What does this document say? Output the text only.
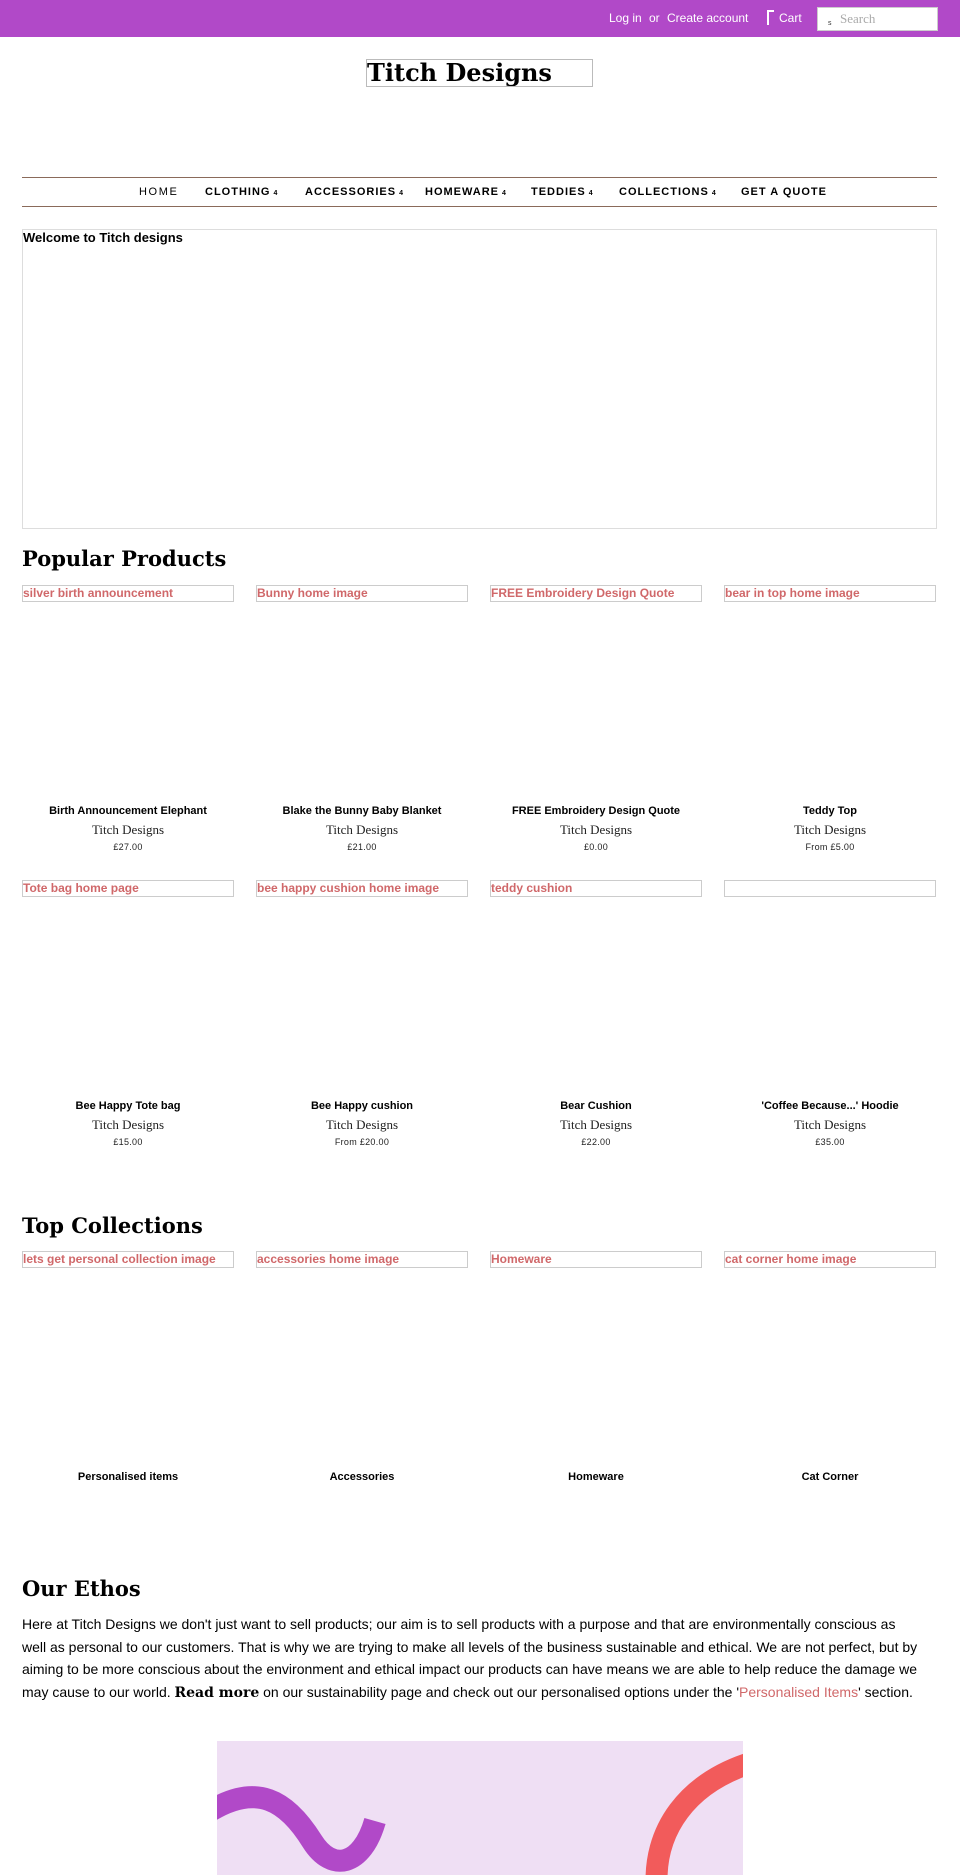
Log in or Create account	Cart	s
Search
Titch Designs
HOME CLOTHING 4 ACCESSORIES 4 HOMEWARE 4 TEDDIES 4 COLLECTIONS 4 GET A QUOTE
Welcome to Titch designs
Popular Products
silver birth announcement
Birth Announcement Elephant
Titch Designs
£27.00
Bunny home image
Blake the Bunny Baby Blanket
Titch Designs
£21.00
FREE Embroidery Design Quote
FREE Embroidery Design Quote
Titch Designs
£0.00
bear in top home image
Teddy Top
Titch Designs
From £5.00
Tote bag home page
Bee Happy Tote bag
Titch Designs
£15.00
bee happy cushion home image
Bee Happy cushion
Titch Designs
From £20.00
teddy cushion
Bear Cushion
Titch Designs
£22.00
'Coffee Because...' Hoodie
Titch Designs
£35.00
Top Collections
lets get personal collection image
Personalised items
accessories home image
Accessories
Homeware
Homeware
cat corner home image
Cat Corner
Our Ethos

Here at Titch Designs we don't just want to sell products; our aim is to sell products with a purpose and that are environmentally conscious as well as personal to our customers. That is why we are trying to make all levels of the business sustainable and ethical. We are not perfect, but by aiming to be more conscious about the environment and ethical impact our products can have means we are able to help reduce the damage we may cause to our world. Read more on our sustainability page and check out our personalised options under the 'Personalised Items' section.
